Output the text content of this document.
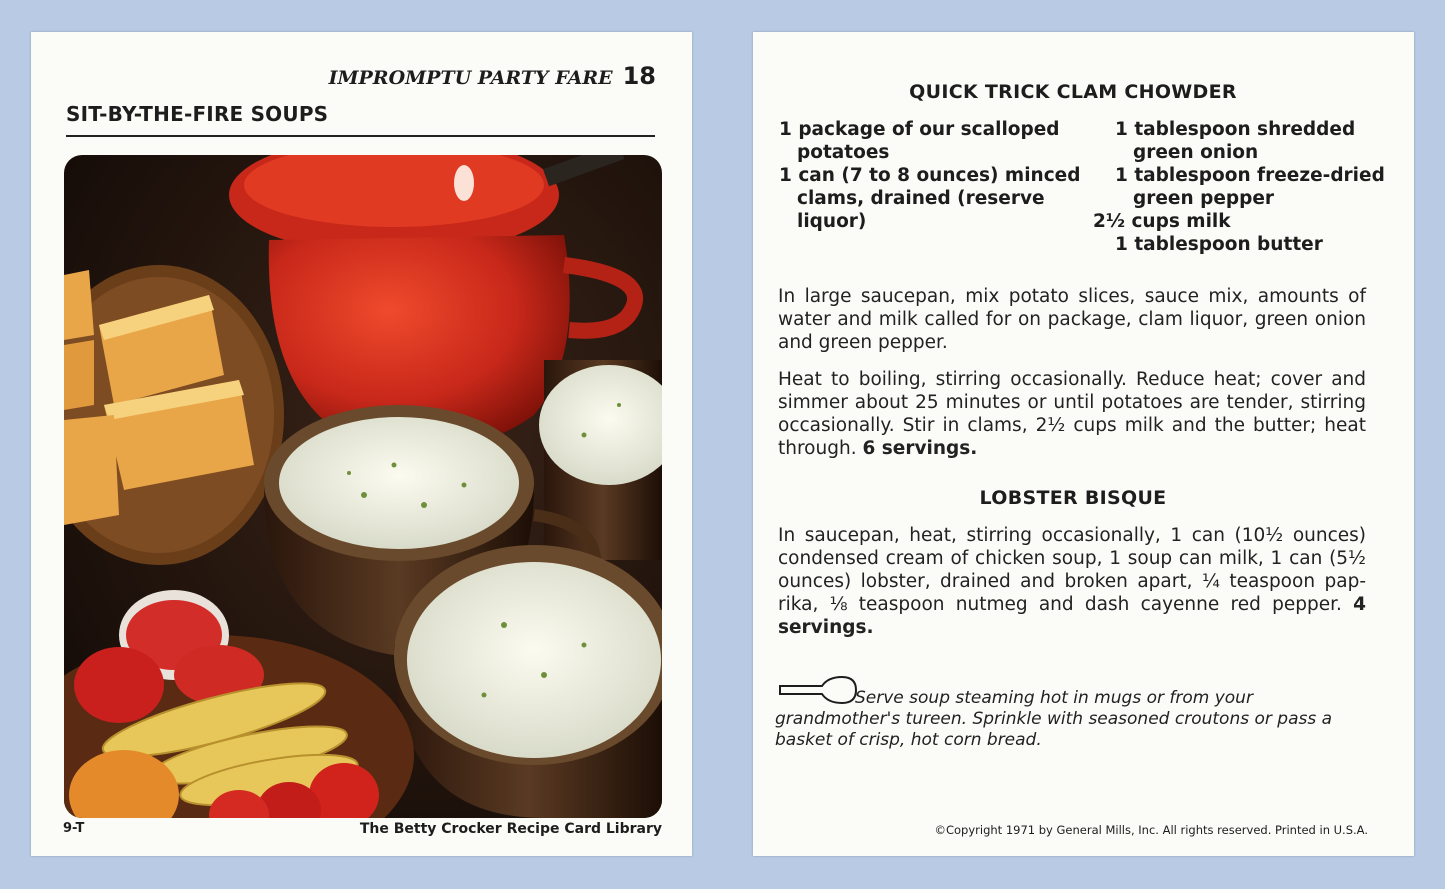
IMPROMPTU PARTY FARE 18
SIT-BY-THE-FIRE SOUPS
9-T	The Betty Crocker Recipe Card Library
QUICK TRICK CLAM CHOWDER
1 package of our scalloped
potatoes
1 can (7 to 8 ounces) minced
clams, drained (reserve
liquor)
1 tablespoon shredded
green onion
1 tablespoon freeze-dried
green pepper
2½ cups milk
1 tablespoon butter
In large saucepan, mix potato slices, sauce mix, amounts of water and milk called for on package, clam liquor, green onion and green pepper.
Heat to boiling, stirring occasionally. Reduce heat; cover and simmer about 25 minutes or until potatoes are tender, stirring occasionally. Stir in clams, 2½ cups milk and the butter; heat through. 6 servings.
LOBSTER BISQUE
In saucepan, heat, stirring occasionally, 1 can (10½ ounces) condensed cream of chicken soup, 1 soup can milk, 1 can (5½ ounces) lobster, drained and broken apart, ¼ teaspoon pap-rika, ⅛ teaspoon nutmeg and dash cayenne red pepper. 4 servings.
Serve soup steaming hot in mugs or from your grandmother's tureen. Sprinkle with seasoned croutons or pass a basket of crisp, hot corn bread.
©Copyright 1971 by General Mills, Inc. All rights reserved. Printed in U.S.A.
